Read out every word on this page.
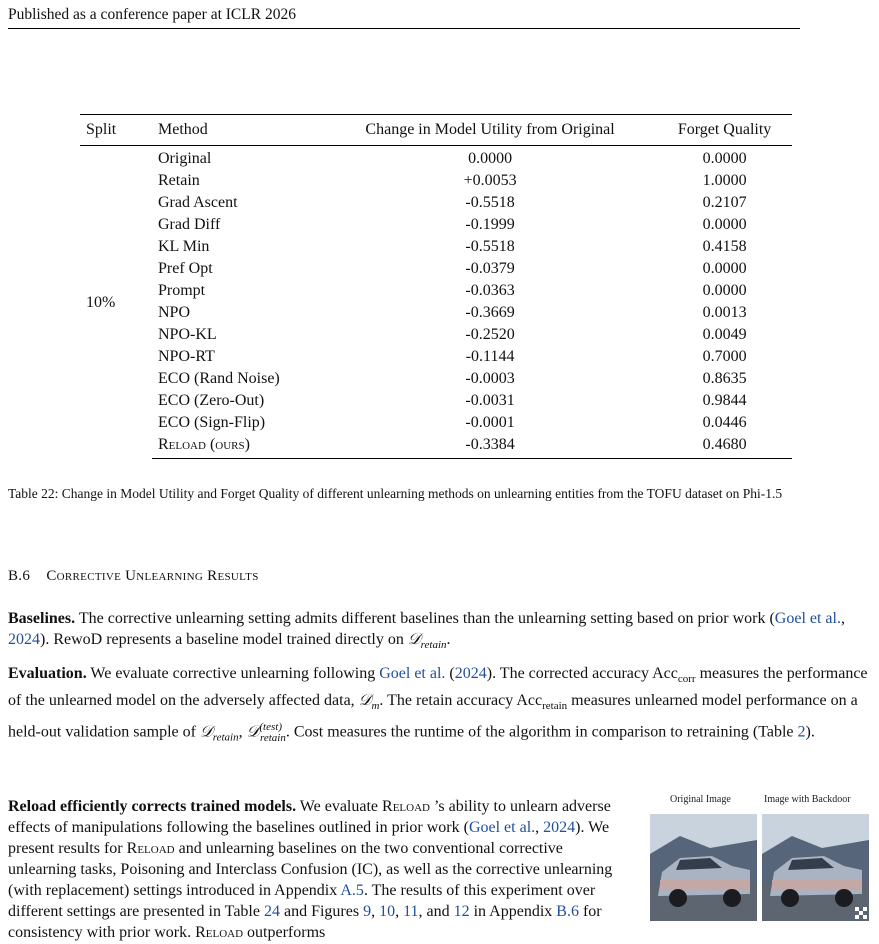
Published as a conference paper at ICLR 2026
Split	Method	Change in Model Utility from Original	Forget Quality
10%	Original	0.0000	0.0000
	Retain	+0.0053	1.0000
	Grad Ascent	-0.5518	0.2107
	Grad Diff	-0.1999	0.0000
	KL Min	-0.5518	0.4158
	Pref Opt	-0.0379	0.0000
	Prompt	-0.0363	0.0000
	NPO	-0.3669	0.0013
	NPO-KL	-0.2520	0.0049
	NPO-RT	-0.1144	0.7000
	ECO (Rand Noise)	-0.0003	0.8635
	ECO (Zero-Out)	-0.0031	0.9844
	ECO (Sign-Flip)	-0.0001	0.0446
	Reload (ours)	-0.3384	0.4680
Table 22: Change in Model Utility and Forget Quality of different unlearning methods on unlearning entities from the TOFU dataset on Phi-1.5
B.6 Corrective Unlearning Results
Baselines. The corrective unlearning setting admits different baselines than the unlearning setting based on prior work (Goel et al., 2024). RewoD represents a baseline model trained directly on 𝒟$_{retain}$.
Evaluation. We evaluate corrective unlearning following Goel et al. (2024). The corrected accuracy Acc$_{corr}$ measures the performance of the unlearned model on the adversely affected data, 𝒟$_m$. The retain accuracy Acc$_{retain}$ measures unlearned model performance on a held-out validation sample of 𝒟$_{retain}$, 𝒟$^{(test)}_{retain}$. Cost measures the runtime of the algorithm in comparison to retraining (Table 2).
Reload efficiently corrects trained models. We evaluate Reload ’s ability to unlearn adverse effects of manipulations following the baselines outlined in prior work (Goel et al., 2024). We present results for Reload and unlearning baselines on the two conventional corrective unlearning tasks, Poisoning and Interclass Confusion (IC), as well as the corrective unlearning (with replacement) settings introduced in Appendix A.5. The results of this experiment over different settings are presented in Table 24 and Figures 9, 10, 11, and 12 in Appendix B.6 for consistency with prior work. Reload outperforms
Original Image	Image with Backdoor
